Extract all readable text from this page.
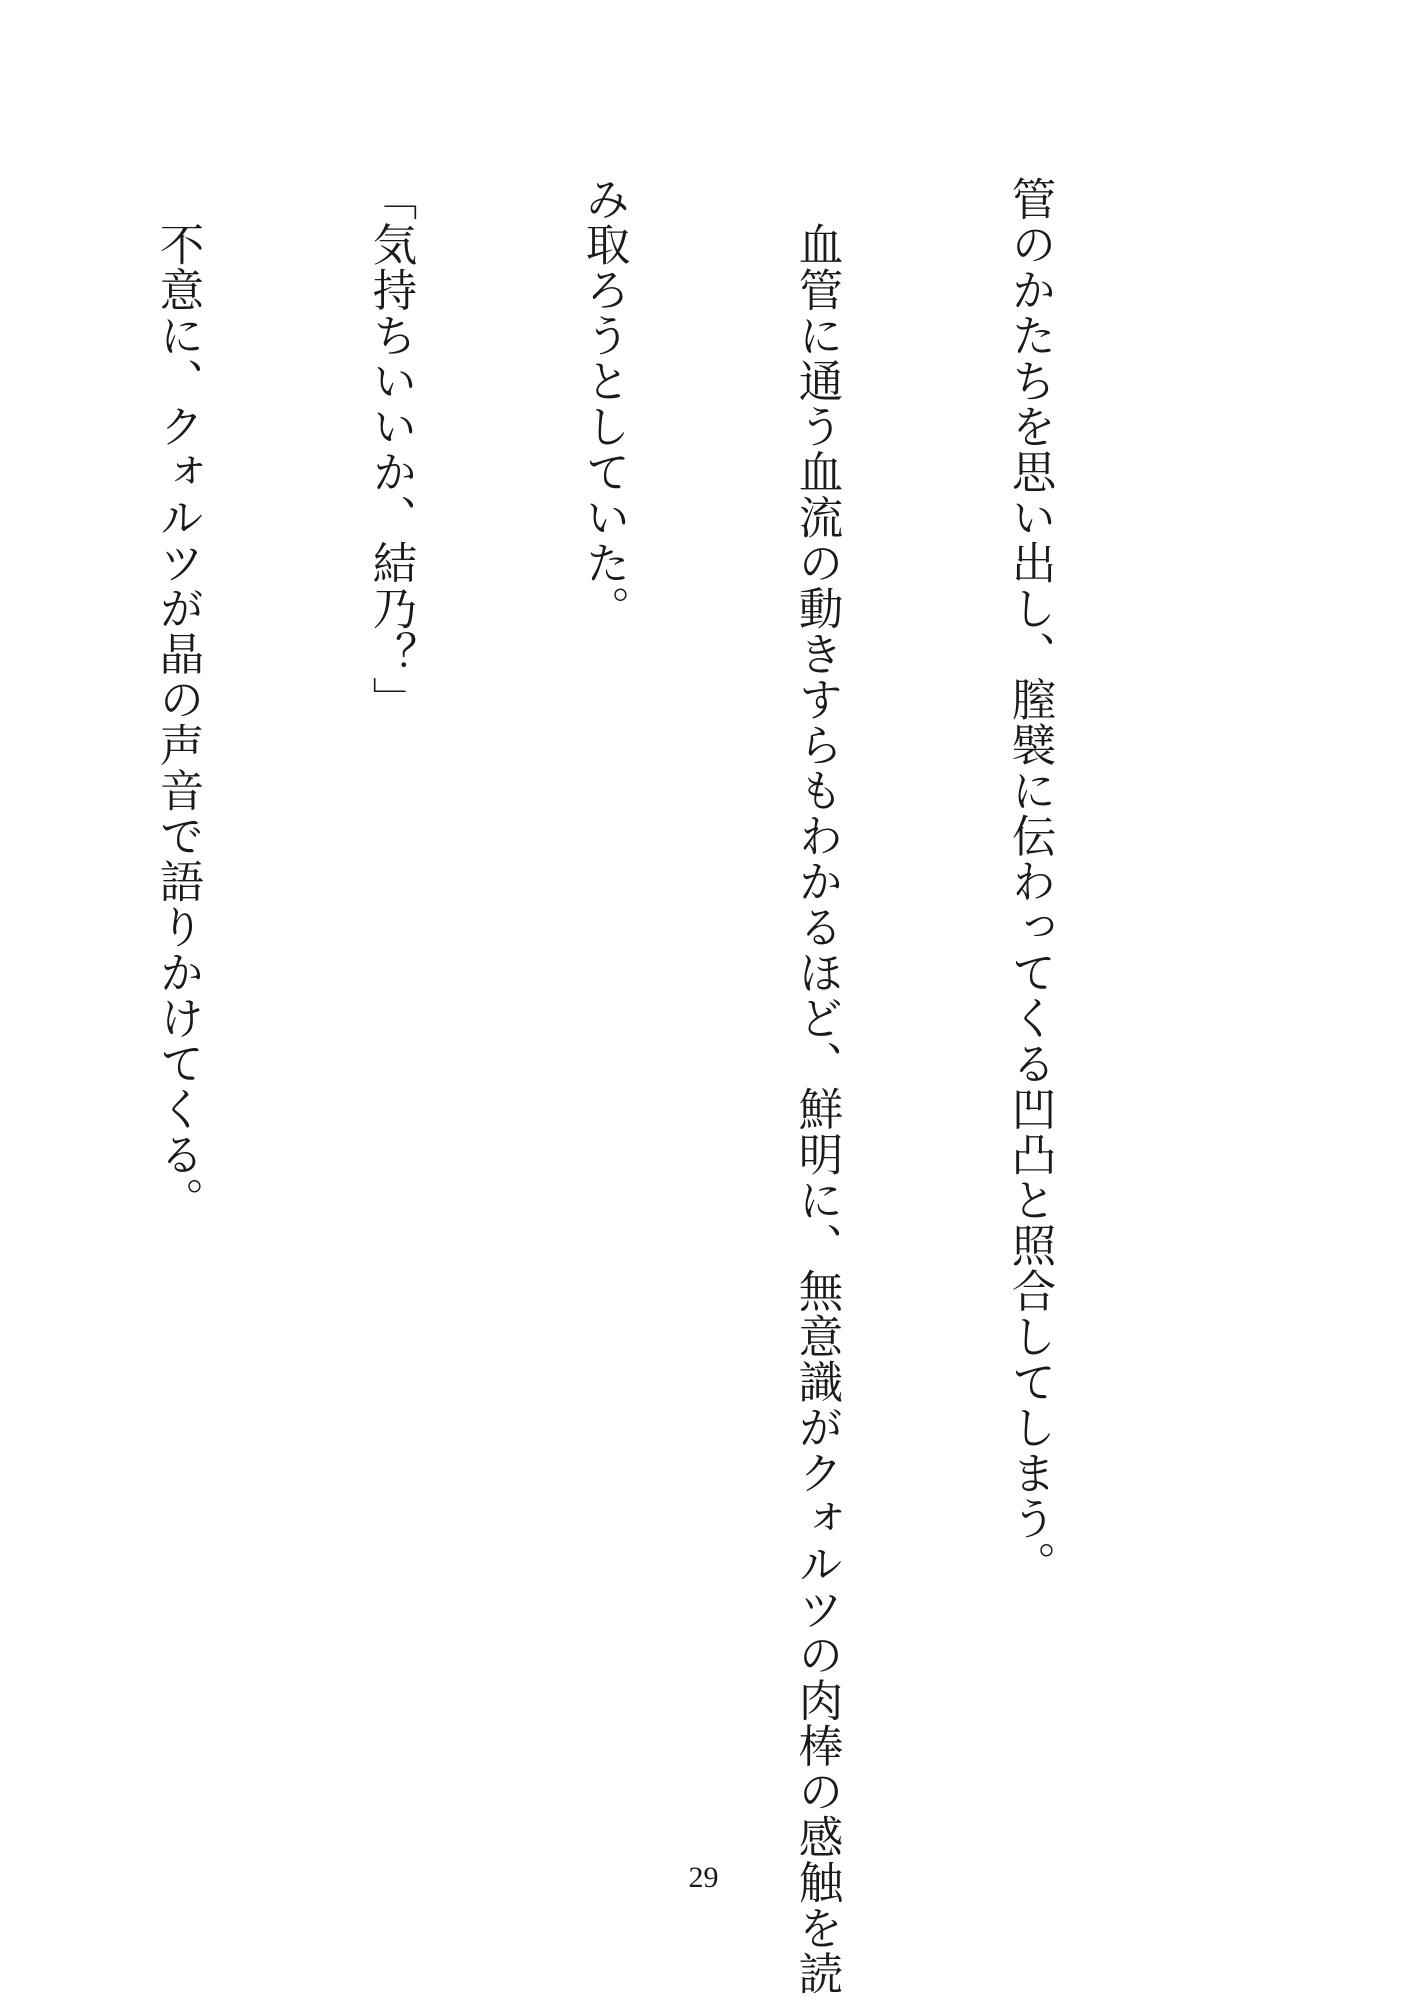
管のかたちを思い出し、膣襞に伝わってくる凹凸と照合してしまう。

　血管に通う血流の動きすらもわかるほど、鮮明に、無意識がクォルツの肉棒の感触を読

み取ろうとしていた。

「気持ちいいか、結乃？」

　不意に、クォルツが晶の声音で語りかけてくる。

29
